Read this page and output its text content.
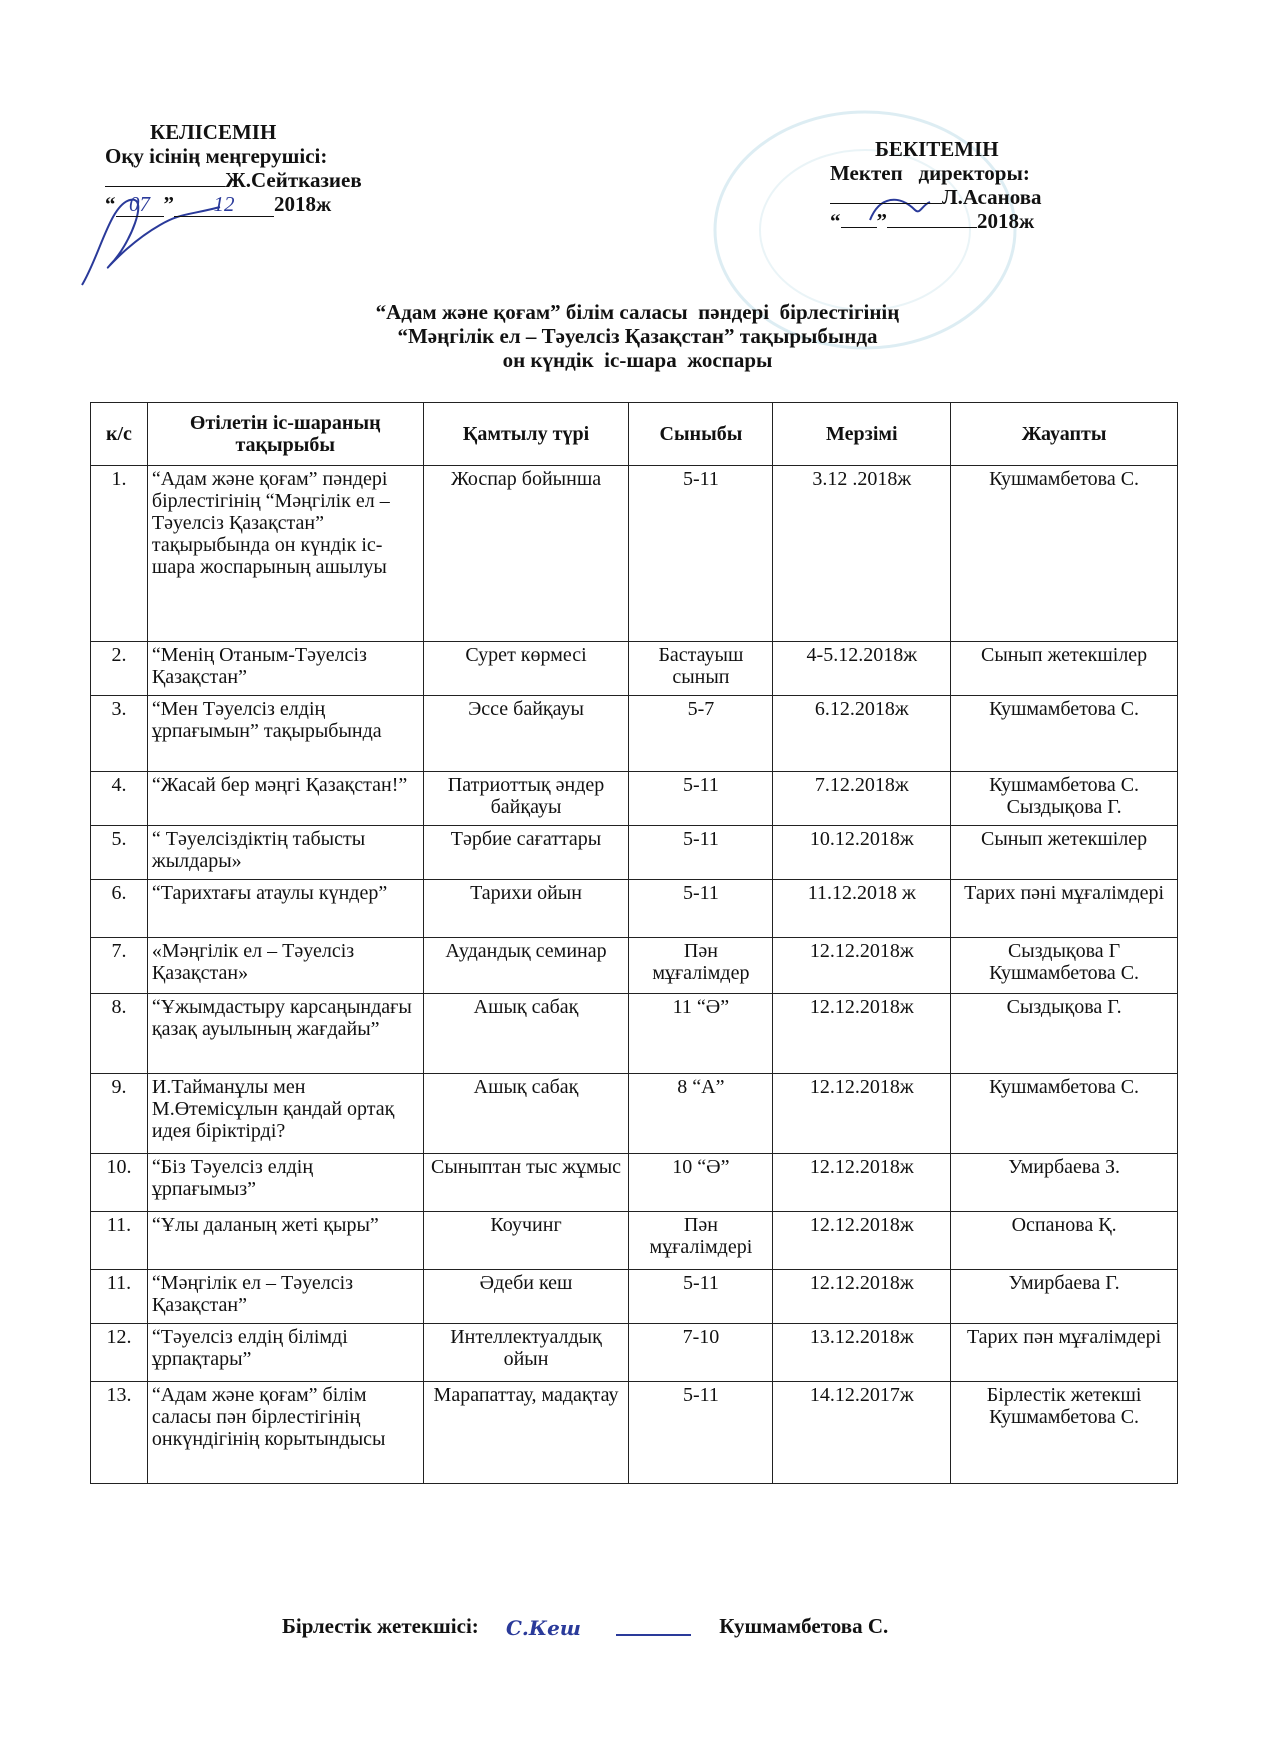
КЕЛІСЕМІН
Оқу ісінің меңгерушісі:
Ж.Сейтказиев
“ 07 ” 12 2018ж
БЕКІТЕМІН
Мектеп   директоры:
Л.Асанова
“ ”	2018ж
“Адам және қоғам” білім саласы  пәндері  бірлестігінің
“Мәңгілік ел – Тәуелсіз Қазақстан” тақырыбында
он күндік  іс-шара  жоспары
к/с	Өтілетін іс-шараның тақырыбы	Қамтылу түрі	Сыныбы	Мерзімі	Жауапты
1.	“Адам және қоғам” пәндері бірлестігінің “Мәңгілік ел – Тәуелсіз Қазақстан” тақырыбында он күндік іс-шара жоспарының ашылуы	Жоспар бойынша	5-11	3.12 .2018ж	Кушмамбетова С.
2.	“Менің Отаным-Тәуелсіз Қазақстан”	Сурет көрмесі	Бастауыш сынып	4-5.12.2018ж	Сынып жетекшілер
3.	“Мен Тәуелсіз елдің ұрпағымын” тақырыбында	Эссе байқауы	5-7	6.12.2018ж	Кушмамбетова С.
4.	“Жасай бер мәңгі Қазақстан!”	Патриоттық әндер байқауы	5-11	7.12.2018ж	Кушмамбетова С. Сыздықова Г.
5.	“ Тәуелсіздіктің табысты жылдары»	Тәрбие сағаттары	5-11	10.12.2018ж	Сынып жетекшілер
6.	“Тарихтағы атаулы күндер”	Тарихи ойын	5-11	11.12.2018 ж	Тарих пәні мұғалімдері
7.	«Мәңгілік ел – Тәуелсіз Қазақстан»	Аудандық семинар	Пән мұғалімдер	12.12.2018ж	Сыздықова Г Кушмамбетова С.
8.	“Ұжымдастыру карсаңындағы қазақ ауылының жағдайы”	Ашық сабақ	11 “Ә”	12.12.2018ж	Сыздықова Г.
9.	И.Тайманұлы мен М.Өтемісұлын қандай ортақ идея біріктірді?	Ашық сабақ	8 “А”	12.12.2018ж	Кушмамбетова С.
10.	“Біз Тәуелсіз елдің ұрпағымыз”	Сыныптан тыс жұмыс	10 “Ә”	12.12.2018ж	Умирбаева З.
11.	“Ұлы даланың жеті қыры”	Коучинг	Пән мұғалімдері	12.12.2018ж	Оспанова Қ.
11.	“Мәңгілік ел – Тәуелсіз Қазақстан”	Әдеби кеш	5-11	12.12.2018ж	Умирбаева Г.
12.	“Тәуелсіз елдің білімді ұрпақтары”	Интеллектуалдық ойын	7-10	13.12.2018ж	Тарих пән мұғалімдері
13.	“Адам және қоғам” білім саласы пән бірлестігінің онкүндігінің корытындысы	Марапаттау, мадақтау	5-11	14.12.2017ж	Бірлестік жетекші Кушмамбетова С.
Бірлестік жетекшісі: С.Кеш	Кушмамбетова С.
